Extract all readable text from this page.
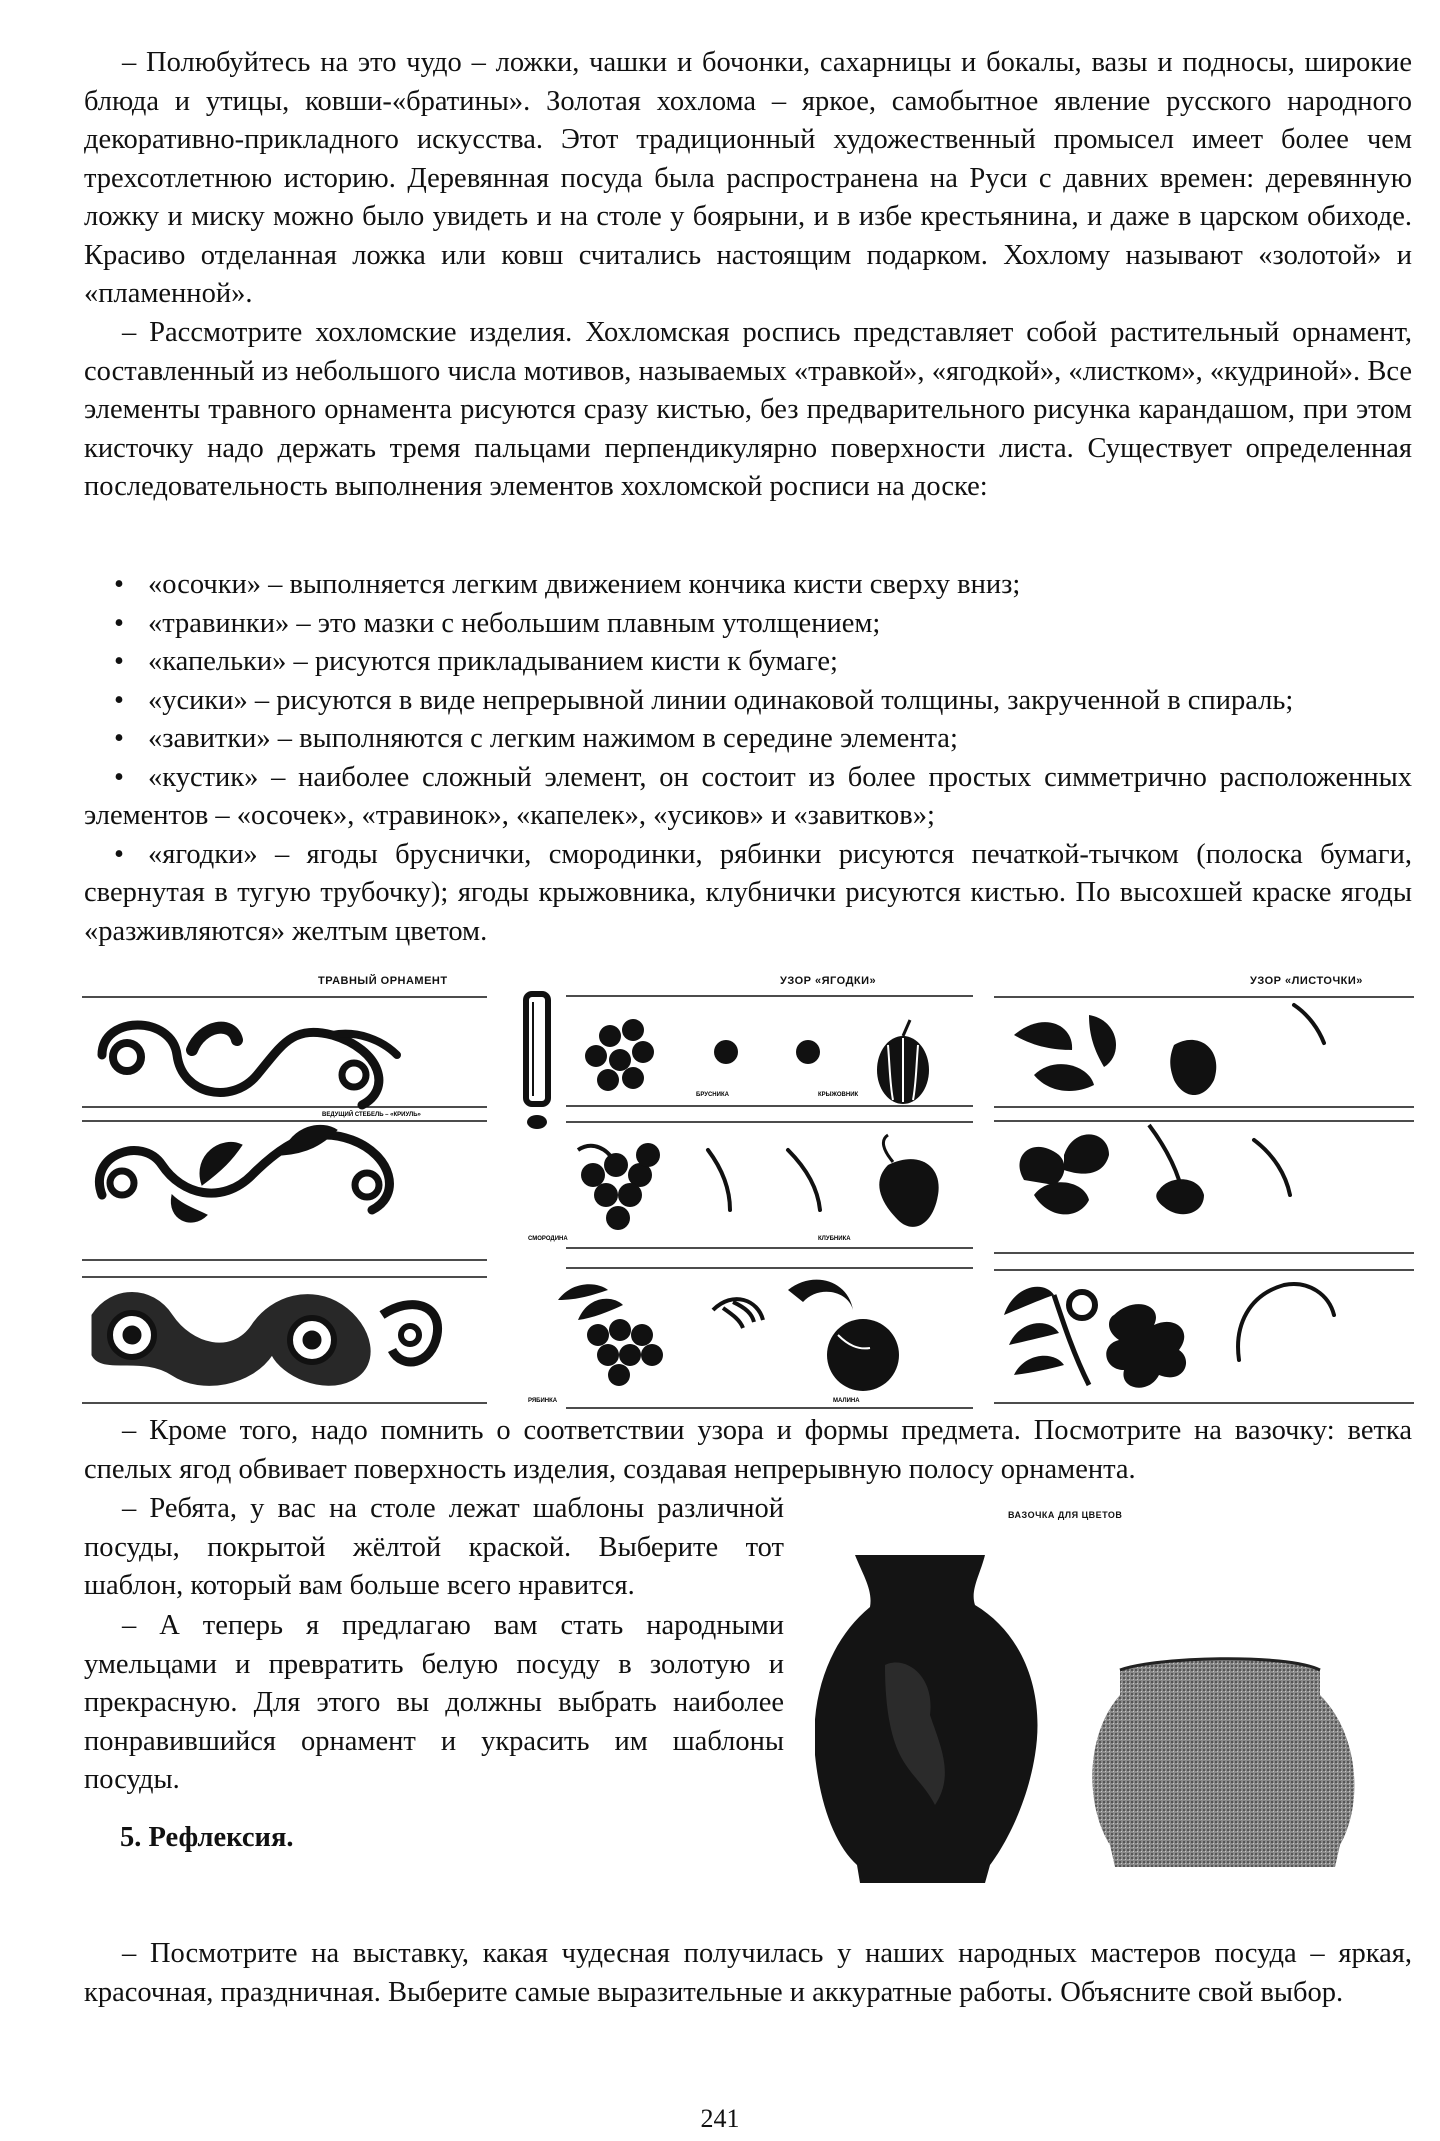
– Полюбуйтесь на это чудо – ложки, чашки и бочонки, сахарницы и бокалы, вазы и подносы, широкие блюда и утицы, ковши-«братины». Золотая хохлома – яркое, самобытное явление русского народного декоративно-прикладного искусства. Этот традиционный художественный промысел имеет более чем трехсотлетнюю историю. Деревянная посуда была распространена на Руси с давних времен: деревянную ложку и миску можно было увидеть и на столе у боярыни, и в избе крестьянина, и даже в царском обиходе. Красиво отделанная ложка или ковш считались настоящим подарком. Хохлому называют «золотой» и «пламенной».

– Рассмотрите хохломские изделия. Хохломская роспись представляет собой растительный орнамент, составленный из небольшого числа мотивов, называемых «травкой», «ягодкой», «листком», «кудриной». Все элементы травного орнамента рисуются сразу кистью, без предварительного рисунка карандашом, при этом кисточку надо держать тремя пальцами перпендикулярно поверхности листа. Существует определенная последовательность выполнения элементов хохломской росписи на доске:

• «осочки» – выполняется легким движением кончика кисти сверху вниз;
• «травинки» – это мазки с небольшим плавным утолщением;
• «капельки» – рисуются прикладыванием кисти к бумаге;
• «усики» – рисуются в виде непрерывной линии одинаковой толщины, закрученной в спираль;
• «завитки» – выполняются с легким нажимом в середине элемента;
• «кустик» – наиболее сложный элемент, он состоит из более простых симметрично расположенных элементов – «осочек», «травинок», «капелек», «усиков» и «завитков»;
• «ягодки» – ягоды бруснички, смородинки, рябинки рисуются печаткой-тычком (полоска бумаги, свернутая в тугую трубочку); ягоды крыжовника, клубнички рисуются кистью. По высохшей краске ягоды «разживляются» желтым цветом.
ТРАВНЫЙ ОРНАМЕНТ	УЗОР «ЯГОДКИ»	УЗОР «ЛИСТОЧКИ»
ВЕДУЩИЙ СТЕБЕЛЬ – «КРИУЛЬ»
БРУСНИКА	КРЫЖОВНИК
СМОРОДИНА	КЛУБНИКА
РЯБИНКА	МАЛИНА

– Кроме того, надо помнить о соответствии узора и формы предмета. Посмотрите на вазочку: ветка спелых ягод обвивает поверхность изделия, создавая непрерывную полосу орнамента.

– Ребята, у вас на столе лежат шаблоны различной посуды, покрытой жёлтой краской. Выберите тот шаблон, который вам больше всего нравится.

– А теперь я предлагаю вам стать народными умельцами и превратить белую посуду в золотую и прекрасную. Для этого вы должны выбрать наиболее понравившийся орнамент и украсить им шаблоны посуды.

5. Рефлексия.
ВАЗОЧКА ДЛЯ ЦВЕТОВ

– Посмотрите на выставку, какая чудесная получилась у наших народных мастеров посуда – яркая, красочная, праздничная. Выберите самые выразительные и аккуратные работы. Объясните свой выбор.

241
